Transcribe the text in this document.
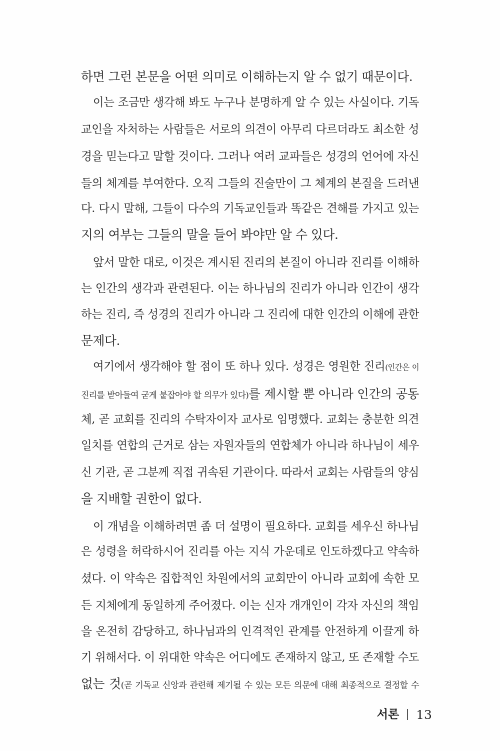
하면 그런 본문을 어떤 의미로 이해하는지 알 수 없기 때문이다.
이는 조금만 생각해 봐도 누구나 분명하게 알 수 있는 사실이다. 기독
교인을 자처하는 사람들은 서로의 의견이 아무리 다르더라도 최소한 성
경을 믿는다고 말할 것이다. 그러나 여러 교파들은 성경의 언어에 자신
들의 체계를 부여한다. 오직 그들의 진술만이 그 체계의 본질을 드러낸
다. 다시 말해, 그들이 다수의 기독교인들과 똑같은 견해를 가지고 있는
지의 여부는 그들의 말을 들어 봐야만 알 수 있다.
앞서 말한 대로, 이것은 계시된 진리의 본질이 아니라 진리를 이해하
는 인간의 생각과 관련된다. 이는 하나님의 진리가 아니라 인간이 생각
하는 진리, 즉 성경의 진리가 아니라 그 진리에 대한 인간의 이해에 관한
문제다.
여기에서 생각해야 할 점이 또 하나 있다. 성경은 영원한 진리(인간은 이
진리를 받아들여 굳게 붙잡아야 할 의무가 있다)를 제시할 뿐 아니라 인간의 공동
체, 곧 교회를 진리의 수탁자이자 교사로 임명했다. 교회는 충분한 의견
일치를 연합의 근거로 삼는 자원자들의 연합체가 아니라 하나님이 세우
신 기관, 곧 그분께 직접 귀속된 기관이다. 따라서 교회는 사람들의 양심
을 지배할 권한이 없다.
이 개념을 이해하려면 좀 더 설명이 필요하다. 교회를 세우신 하나님
은 성령을 허락하시어 진리를 아는 지식 가운데로 인도하겠다고 약속하
셨다. 이 약속은 집합적인 차원에서의 교회만이 아니라 교회에 속한 모
든 지체에게 동일하게 주어졌다. 이는 신자 개개인이 각자 자신의 책임
을 온전히 감당하고, 하나님과의 인격적인 관계를 안전하게 이끌게 하
기 위해서다. 이 위대한 약속은 어디에도 존재하지 않고, 또 존재할 수도
없는 것(곧 기독교 신앙과 관련해 제기될 수 있는 모든 의문에 대해 최종적으로 결정할 수
서론 13
